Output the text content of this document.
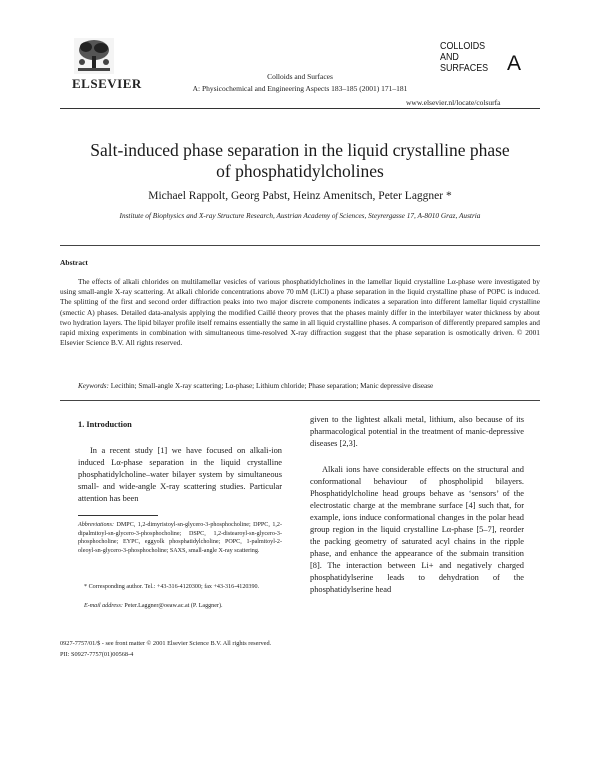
ELSEVIER	Colloids and Surfaces
A: Physicochemical and Engineering Aspects 183–185 (2001) 171–181
COLLOIDS
AND
SURFACES A
www.elsevier.nl/locate/colsurfa
Salt-induced phase separation in the liquid crystalline phase
of phosphatidylcholines
Michael Rappolt, Georg Pabst, Heinz Amenitsch, Peter Laggner *
Institute of Biophysics and X-ray Structure Research, Austrian Academy of Sciences, Steyrergasse 17, A-8010 Graz, Austria
Abstract
The effects of alkali chlorides on multilamellar vesicles of various phosphatidylcholines in the lamellar liquid crystalline Lα-phase were investigated by using small-angle X-ray scattering. At alkali chloride concentrations above 70 mM (LiCl) a phase separation in the liquid crystalline phase of POPC is induced. The splitting of the first and second order diffraction peaks into two major discrete components indicates a separation into different lamellar liquid crystalline (smectic A) phases. Detailed data-analysis applying the modified Caillé theory proves that the phases mainly differ in the interbilayer water thickness by about two hydration layers. The lipid bilayer profile itself remains essentially the same in all liquid crystalline phases. A comparison of differently prepared samples and rapid mixing experiments in combination with simultaneous time-resolved X-ray diffraction suggest that the phase separation is osmotically driven. © 2001 Elsevier Science B.V. All rights reserved.
Keywords: Lecithin; Small-angle X-ray scattering; Lα-phase; Lithium chloride; Phase separation; Manic depressive disease
1. Introduction
In a recent study [1] we have focused on alkali-ion induced Lα-phase separation in the liquid crystalline phosphatidylcholine–water bilayer system by simultaneous small- and wide-angle X-ray scattering studies. Particular attention has been
Abbreviations: DMPC, 1,2-dimyristoyl-sn-glycero-3-phosphocholine; DPPC, 1,2-dipalmitoyl-sn-glycero-3-phosphocholine; DSPC, 1,2-distearoyl-sn-glycero-3-phosphocholine; EYPC, eggyolk phosphatidylcholine; POPC, 1-palmitoyl-2-oleoyl-sn-glycero-3-phosphocholine; SAXS, small-angle X-ray scattering.
* Corresponding author. Tel.: +43-316-4120300; fax +43-316-4120390.
E-mail address: Peter.Laggner@oeaw.ac.at (P. Laggner).
given to the lightest alkali metal, lithium, also because of its pharmacological potential in the treatment of manic-depressive diseases [2,3].
Alkali ions have considerable effects on the structural and conformational behaviour of phospholipid bilayers. Phosphatidylcholine head groups behave as ‘sensors’ of the electrostatic charge at the membrane surface [4] such that, for example, ions induce conformational changes in the polar head group region in the liquid crystalline Lα-phase [5–7], reorder the packing geometry of saturated acyl chains in the ripple phase, and enhance the appearance of the submain transition [8]. The interaction between Li+ and negatively charged phosphatidylserine leads to dehydration of the phosphatidylserine head
0927-7757/01/$ - see front matter © 2001 Elsevier Science B.V. All rights reserved.
PII: S0927-7757(01)00568-4
